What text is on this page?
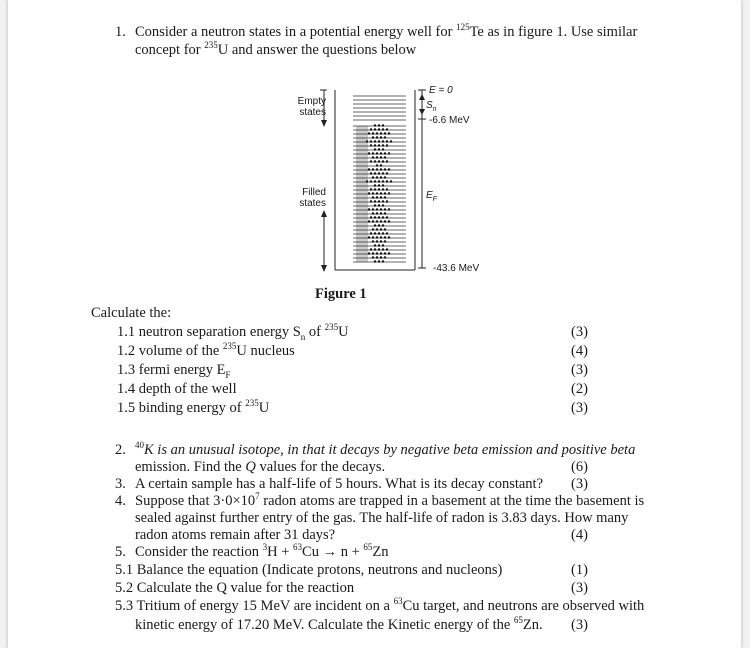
1. Consider a neutron states in a potential energy well for $^{125}$Te as in figure 1. Use similar
concept for $^{235}$U and answer the questions below
Empty
states
Filled
states
E = 0
$S_n$
-6.6 MeV
$E_F$
-43.6 MeV
Figure 1
Calculate the:
1.1 neutron separation energy $S_n$ of $^{235}$U	(3)
1.2 volume of the $^{235}$U nucleus	(4)
1.3 fermi energy $E_F$	(3)
1.4 depth of the well	(2)
1.5 binding energy of $^{235}$U	(3)
2. $^{40}$K is an unusual isotope, in that it decays by negative beta emission and positive beta
emission. Find the Q values for the decays.	(6)
3. A certain sample has a half-life of 5 hours. What is its decay constant? (3)
4. Suppose that $3\cdot 0\times 10^7$ radon atoms are trapped in a basement at the time the basement is
sealed against further entry of the gas. The half-life of radon is 3.83 days. How many
radon atoms remain after 31 days?	(4)
5. Consider the reaction $^3$H + $^{63}$Cu → n + $^{65}$Zn
5.1 Balance the equation (Indicate protons, neutrons and nucleons)	(1)
5.2 Calculate the Q value for the reaction	(3)
5.3 Tritium of energy 15 MeV are incident on a $^{63}$Cu target, and neutrons are observed with
kinetic energy of 17.20 MeV. Calculate the Kinetic energy of the $^{65}$Zn. (3)
